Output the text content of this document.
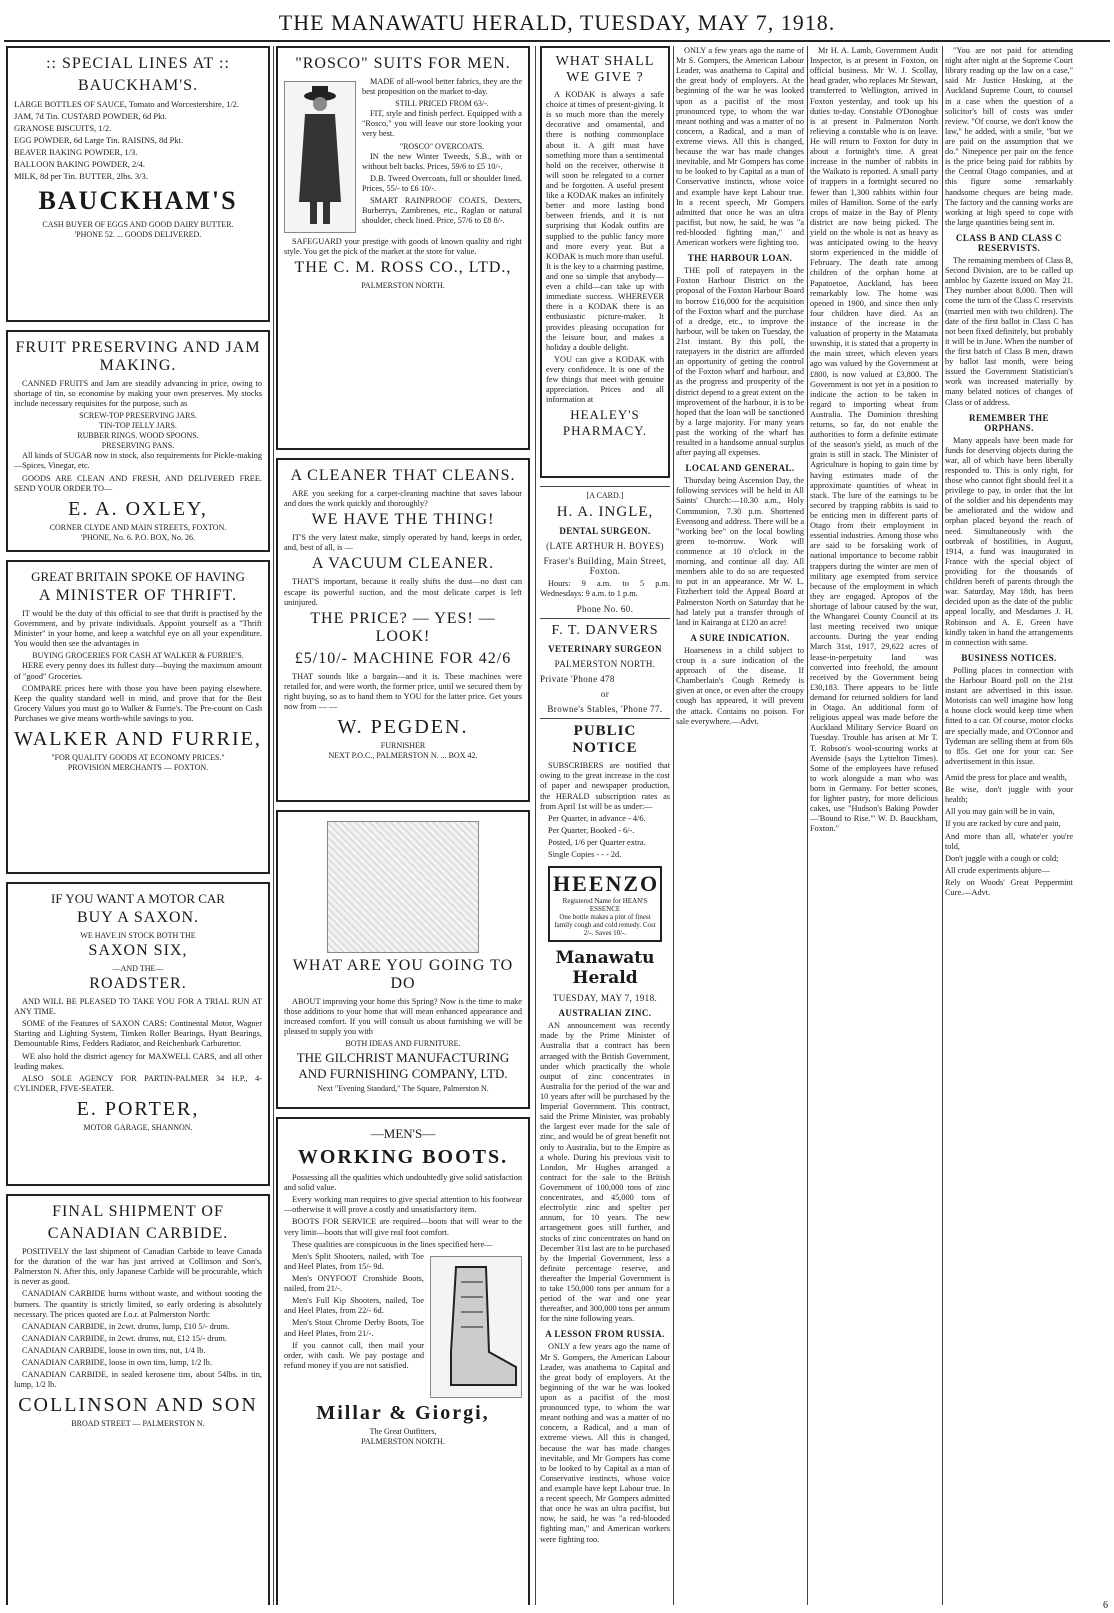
THE MANAWATU HERALD, TUESDAY, MAY 7, 1918.
:: SPECIAL LINES AT ::
BAUCKHAM'S.
LARGE BOTTLES OF SAUCE, Tomato and Worcestershire, 1/2.
JAM, 7d Tin. CUSTARD POWDER, 6d Pkt.
GRANOSE BISCUITS, 1/2.
EGG POWDER, 6d Large Tin. RAISINS, 8d Pkt.
BEAVER BAKING POWDER, 1/3.
BALLOON BAKING POWDER, 2/4.
MILK, 8d per Tin. BUTTER, 2lbs. 3/3.
BAUCKHAM'S
CASH BUYER OF EGGS AND GOOD DAIRY BUTTER.
'PHONE 52. ... GOODS DELIVERED.
FRUIT PRESERVING AND JAM MAKING.

CANNED FRUITS and Jam are steadily advancing in price, owing to shortage of tin, so economise by making your own preserves. My stocks include necessary requisites for the purpose, such as

SCREW-TOP PRESERVING JARS.
TIN-TOP JELLY JARS.
RUBBER RINGS. WOOD SPOONS.
PRESERVING PANS.

All kinds of SUGAR now in stock, also requirements for Pickle-making—Spices, Vinegar, etc.

GOODS ARE CLEAN AND FRESH, AND DELIVERED FREE. SEND YOUR ORDER TO—

E. A. OXLEY,
CORNER CLYDE AND MAIN STREETS, FOXTON.
'PHONE, No. 6. P.O. BOX, No. 26.
GREAT BRITAIN SPOKE OF HAVING
A MINISTER OF THRIFT.

IT would be the duty of this official to see that thrift is practised by the Government, and by private individuals. Appoint yourself as a "Thrift Minister" in your home, and keep a watchful eye on all your expenditure. You would then see the advantages in

BUYING GROCERIES FOR CASH AT WALKER & FURRIE'S.

HERE every penny does its fullest duty—buying the maximum amount of "good" Groceries.

COMPARE prices here with those you have been paying elsewhere. Keep the quality standard well in mind, and prove that for the Best Grocery Values you must go to Walker & Furrie's. The Pre-count on Cash Purchases we give means worth-while savings to you.

WALKER AND FURRIE,
"FOR QUALITY GOODS AT ECONOMY PRICES."
PROVISION MERCHANTS — FOXTON.
IF YOU WANT A MOTOR CAR
BUY A SAXON.
WE HAVE IN STOCK BOTH THE
SAXON SIX,
—AND THE—
ROADSTER.

AND WILL BE PLEASED TO TAKE YOU FOR A TRIAL RUN AT ANY TIME.

SOME of the Features of SAXON CARS: Continental Motor, Wagner Starting and Lighting System, Timken Roller Bearings, Hyatt Bearings, Demountable Rims, Fedders Radiator, and Reichenbark Carburettor.

WE also hold the district agency for MAXWELL CARS, and all other leading makes.

ALSO SOLE AGENCY FOR PARTIN-PALMER 34 H.P., 4-CYLINDER, FIVE-SEATER.

E. PORTER,
MOTOR GARAGE, SHANNON.
FINAL SHIPMENT OF
CANADIAN CARBIDE.

POSITIVELY the last shipment of Canadian Carbide to leave Canada for the duration of the war has just arrived at Collinson and Son's, Palmerston N. After this, only Japanese Carbide will be procurable, which is never as good.

CANADIAN CARBIDE burns without waste, and without sooting the burners. The quantity is strictly limited, so early ordering is absolutely necessary. The prices quoted are f.o.r. at Palmerston North:

CANADIAN CARBIDE, in 2cwt. drums, lump, £10 5/- drum.

CANADIAN CARBIDE, in 2cwt. drums, nut, £12 15/- drum.

CANADIAN CARBIDE, loose in own tins, nut, 1/4 lb.

CANADIAN CARBIDE, loose in own tins, lump, 1/2 lb.

CANADIAN CARBIDE, in sealed kerosene tins, about 54lbs. in tin, lump, 1/2 lb.

COLLINSON AND SON
BROAD STREET — PALMERSTON N.
"ROSCO" SUITS FOR MEN.

MADE of all-wool better fabrics, they are the best proposition on the market to-day.

STILL PRICED FROM 63/-.

FIT, style and finish perfect. Equipped with a "Rosco," you will leave our store looking your very best.

"ROSCO" OVERCOATS.

IN the new Winter Tweeds, S.B., with or without belt backs. Prices, 59/6 to £5 10/-.

D.B. Tweed Overcoats, full or shoulder lined. Prices, 55/- to £6 10/-.

SMART RAINPROOF COATS, Dexters, Burberrys, Zambrenes, etc., Raglan or natural shoulder, check lined. Price, 57/6 to £8 8/-.

SAFEGUARD your prestige with goods of known quality and right style. You get the pick of the market at the store for value.

THE C. M. ROSS CO., LTD.,
PALMERSTON NORTH.
A CLEANER THAT CLEANS.

ARE you seeking for a carpet-cleaning machine that saves labour and does the work quickly and thoroughly?

WE HAVE THE THING!

IT'S the very latest make, simply operated by hand, keeps in order, and, best of all, is —

A VACUUM CLEANER.

THAT'S important, because it really shifts the dust—no dust can escape its powerful suction, and the most delicate carpet is left uninjured.

THE PRICE? — YES! — LOOK!
£5/10/- MACHINE FOR 42/6

THAT sounds like a bargain—and it is. These machines were retailed for, and were worth, the former price, until we secured them by right buying, so as to hand them to YOU for the latter price. Get yours now from — —

W. PEGDEN.
FURNISHER
NEXT P.O.C., PALMERSTON N. ... BOX 42.
WHAT ARE YOU GOING TO DO

ABOUT improving your home this Spring? Now is the time to make those additions to your home that will mean enhanced appearance and increased comfort. If you will consult us about furnishing we will be pleased to supply you with

BOTH IDEAS AND FURNITURE.
THE GILCHRIST MANUFACTURING AND FURNISHING COMPANY, LTD.
Next "Evening Standard," The Square, Palmerston N.
—MEN'S—
WORKING BOOTS.

Possessing all the qualities which undoubtedly give solid satisfaction and solid value.

Every working man requires to give special attention to his footwear—otherwise it will prove a costly and unsatisfactory item.

BOOTS FOR SERVICE are required—boots that will wear to the very limit—boots that will give real foot comfort.

These qualities are conspicuous in the lines specified here—

Men's Split Shooters, nailed, with Toe and Heel Plates, from 15/- 9d.

Men's ONYFOOT Cronshide Boots, nailed, from 21/-.

Men's Full Kip Shooters, nailed, Toe and Heel Plates, from 22/- 6d.

Men's Stout Chrome Derby Boots, Toe and Heel Plates, from 21/-.

If you cannot call, then mail your order, with cash. We pay postage and refund money if you are not satisfied.

Millar & Giorgi,
The Great Outfitters,
PALMERSTON NORTH.
WHAT SHALL WE GIVE ?

A KODAK is always a safe choice at times of present-giving. It is so much more than the merely decorative and ornamental, and there is nothing commonplace about it. A gift must have something more than a sentimental hold on the receiver, otherwise it will soon be relegated to a corner and be forgotten. A useful present like a KODAK makes an infinitely better and more lasting bond between friends, and it is not surprising that Kodak outfits are supplied to the public fancy more and more every year. But a KODAK is much more than useful. It is the key to a charming pastime, and one so simple that anybody—even a child—can take up with immediate success. WHEREVER there is a KODAK there is an enthusiastic picture-maker. It provides pleasing occupation for the leisure hour, and makes a holiday a double delight.

YOU can give a KODAK with every confidence. It is one of the few things that meet with genuine appreciation. Prices and all information at

HEALEY'S PHARMACY.
[A CARD.]
H. A. INGLE,
DENTAL SURGEON.
(LATE ARTHUR H. BOYES)
Fraser's Building, Main Street, Foxton.

Hours: 9 a.m. to 5 p.m. Wednesdays: 9 a.m. to 1 p.m.

Phone No. 60.
F. T. DANVERS
VETERINARY SURGEON
PALMERSTON NORTH.
Private 'Phone 478
or
Browne's Stables, 'Phone 77.
PUBLIC NOTICE

SUBSCRIBERS are notified that owing to the great increase in the cost of paper and newspaper production, the HERALD subscription rates as from April 1st will be as under:—

Per Quarter, in advance - 4/6.

Per Quarter, Booked - 6/-.

Posted, 1/6 per Quarter extra.

Single Copies - - - 2d.

HEENZO
Registered Name for HEAN'S ESSENCE
One bottle makes a pint of finest family cough and cold remedy. Cost 2/-. Saves 10/-.
Manawatu Herald
TUESDAY, MAY 7, 1918.
AUSTRALIAN ZINC.

AN announcement was recently made by the Prime Minister of Australia that a contract has been arranged with the British Government, under which practically the whole output of zinc concentrates in Australia for the period of the war and 10 years after will be purchased by the Imperial Government. This contract, said the Prime Minister, was probably the largest ever made for the sale of zinc, and would be of great benefit not only to Australia, but to the Empire as a whole. During his previous visit to London, Mr Hughes arranged a contract for the sale to the British Government of 100,000 tons of zinc concentrates, and 45,000 tons of electrolytic zinc and spelter per annum, for 10 years. The new arrangement goes still further, and stocks of zinc concentrates on hand on December 31st last are to be purchased by the Imperial Government, less a definite percentage reserve, and thereafter the Imperial Government is to take 150,000 tons per annum for a period of the war and one year thereafter, and 300,000 tons per annum for the nine following years.

A LESSON FROM RUSSIA.

ONLY a few years ago the name of Mr S. Gompers, the American Labour Leader, was anathema to Capital and the great body of employers. At the beginning of the war he was looked upon as a pacifist of the most pronounced type, to whom the war meant nothing and was a matter of no concern, a Radical, and a man of extreme views. All this is changed, because the war has made changes inevitable, and Mr Gompers has come to be looked to by Capital as a man of Conservative instincts, whose voice and example have kept Labour true. In a recent speech, Mr Gompers admitted that once he was an ultra pacifist, but now, he said, he was "a red-blooded fighting man," and American workers were fighting too.

ONLY a few years ago the name of Mr S. Gompers, the American Labour Leader, was anathema to Capital and the great body of employers. At the beginning of the war he was looked upon as a pacifist of the most pronounced type, to whom the war meant nothing and was a matter of no concern, a Radical, and a man of extreme views. All this is changed, because the war has made changes inevitable, and Mr Gompers has come to be looked to by Capital as a man of Conservative instincts, whose voice and example have kept Labour true. In a recent speech, Mr Gompers admitted that once he was an ultra pacifist, but now, he said, he was "a red-blooded fighting man," and American workers were fighting too.

THE HARBOUR LOAN.

THE poll of ratepayers in the Foxton Harbour District on the proposal of the Foxton Harbour Board to borrow £16,000 for the acquisition of the Foxton wharf and the purchase of a dredge, etc., to improve the harbour, will be taken on Tuesday, the 21st instant. By this poll, the ratepayers in the district are afforded an opportunity of getting the control of the Foxton wharf and harbour, and as the progress and prosperity of the district depend to a great extent on the improvement of the harbour, it is to be hoped that the loan will be sanctioned by a large majority. For many years past the working of the wharf has resulted in a handsome annual surplus after paying all expenses.

LOCAL AND GENERAL.

Thursday being Ascension Day, the following services will be held in All Saints' Church:—10.30 a.m., Holy Communion, 7.30 p.m. Shortened Evensong and address. There will be a "working bee" on the local bowling green to-morrow. Work will commence at 10 o'clock in the morning, and continue all day. All members able to do so are requested to put in an appearance. Mr W. L. Fitzherbert told the Appeal Board at Palmerston North on Saturday that he had lately put a transfer through of land in Kairanga at £120 an acre!

A SURE INDICATION.

Hoarseness in a child subject to croup is a sure indication of the approach of the disease. If Chamberlain's Cough Remedy is given at once, or even after the croupy cough has appeared, it will prevent the attack. Contains no poison. For sale everywhere.—Advt.

Mr H. A. Lamb, Government Audit Inspector, is at present in Foxton, on official business. Mr W. J. Scollay, head grader, who replaces Mr Stewart, transferred to Wellington, arrived in Foxton yesterday, and took up his duties to-day. Constable O'Donoghue is at present in Palmerston North relieving a constable who is on leave. He will return to Foxton for duty in about a fortnight's time. A great increase in the number of rabbits in the Waikato is reported. A small party of trappers in a fortnight secured no fewer than 1,300 rabbits within four miles of Hamilton. Some of the early crops of maize in the Bay of Plenty district are now being picked. The yield on the whole is not as heavy as was anticipated owing to the heavy storm experienced in the middle of February. The death rate among children of the orphan home at Papatoetoe, Auckland, has been remarkably low. The home was opened in 1900, and since then only four children have died. As an instance of the increase in the valuation of property in the Matamata township, it is stated that a property in the main street, which eleven years ago was valued by the Government at £800, is now valued at £3,800. The Government is not yet in a position to indicate the action to be taken in regard to importing wheat from Australia. The Dominion threshing returns, so far, do not enable the authorities to form a definite estimate of the season's yield, as much of the grain is still in stack. The Minister of Agriculture is hoping to gain time by having estimates made of the approximate quantities of wheat in stack. The lure of the earnings to be secured by trapping rabbits is said to be enticing men in different parts of Otago from their employment in essential industries. Among those who are said to be forsaking work of national importance to become rabbit trappers during the winter are men of military age exempted from service because of the employment in which they are engaged. Apropos of the shortage of labour caused by the war, the Whangarei County Council at its last meeting received two unique accounts. During the year ending March 31st, 1917, 29,622 acres of lease-in-perpetuity land was converted into freehold, the amount received by the Government being £30,183. There appears to be little demand for returned soldiers for land in Otago. An additional form of religious appeal was made before the Auckland Military Service Board on Tuesday. Trouble has arisen at Mr T. T. Robson's wool-scouring works at Avenside (says the Lyttelton Times). Some of the employees have refused to work alongside a man who was born in Germany. For better scones, for lighter pastry, for more delicious cakes, use "Hudson's Baking Powder—'Bound to Rise.'" W. D. Bauckham, Foxton."

"You are not paid for attending night after night at the Supreme Court library reading up the law on a case," said Mr Justice Hosking, at the Auckland Supreme Court, to counsel in a case when the question of a solicitor's bill of costs was under review. "Of course, we don't know the law," he added, with a smile, "but we are paid on the assumption that we do." Ninepence per pair on the fence is the price being paid for rabbits by the Central Otago companies, and at this figure some remarkably handsome cheques are being made. The factory and the canning works are working at high speed to cope with the large quantities being sent in.

CLASS B AND CLASS C RESERVISTS.

The remaining members of Class B, Second Division, are to be called up ambloc by Gazette issued on May 21. They number about 8,000. Then will come the turn of the Class C reservists (married men with two children). The date of the first ballot in Class C has not been fixed definitely, but probably it will be in June. When the number of the first batch of Class B men, drawn by ballot last month, were being issued the Government Statistician's work was increased materially by many belated notices of changes of Class or of address.

REMEMBER THE ORPHANS.

Many appeals have been made for funds for deserving objects during the war, all of which have been liberally responded to. This is only right, for those who cannot fight should feel it a privilege to pay, in order that the lot of the soldier and his dependents may be ameliorated and the widow and orphan placed beyond the reach of need. Simultaneously with the outbreak of hostilities, in August, 1914, a fund was inaugurated in France with the special object of providing for the thousands of children bereft of parents through the war. Saturday, May 18th, has been decided upon as the date of the public appeal locally, and Mesdames J. H. Robinson and A. E. Green have kindly taken in hand the arrangements in connection with same.

BUSINESS NOTICES.

Polling places in connection with the Harbour Board poll on the 21st instant are advertised in this issue. Motorists can well imagine how long a house clock would keep time when fitted to a car. Of course, motor clocks are specially made, and O'Connor and Tydeman are selling them at from 60s to 85s. Get one for your car. See advertisement in this issue.

Amid the press for place and wealth,

Be wise, don't juggle with your health;

All you may gain will be in vain,

If you are racked by cure and pain,

And more than all, whate'er you're told,

Don't juggle with a cough or cold;

All crude experiments abjure—

Rely on Woods' Great Peppermint Cure.—Advt.

6
